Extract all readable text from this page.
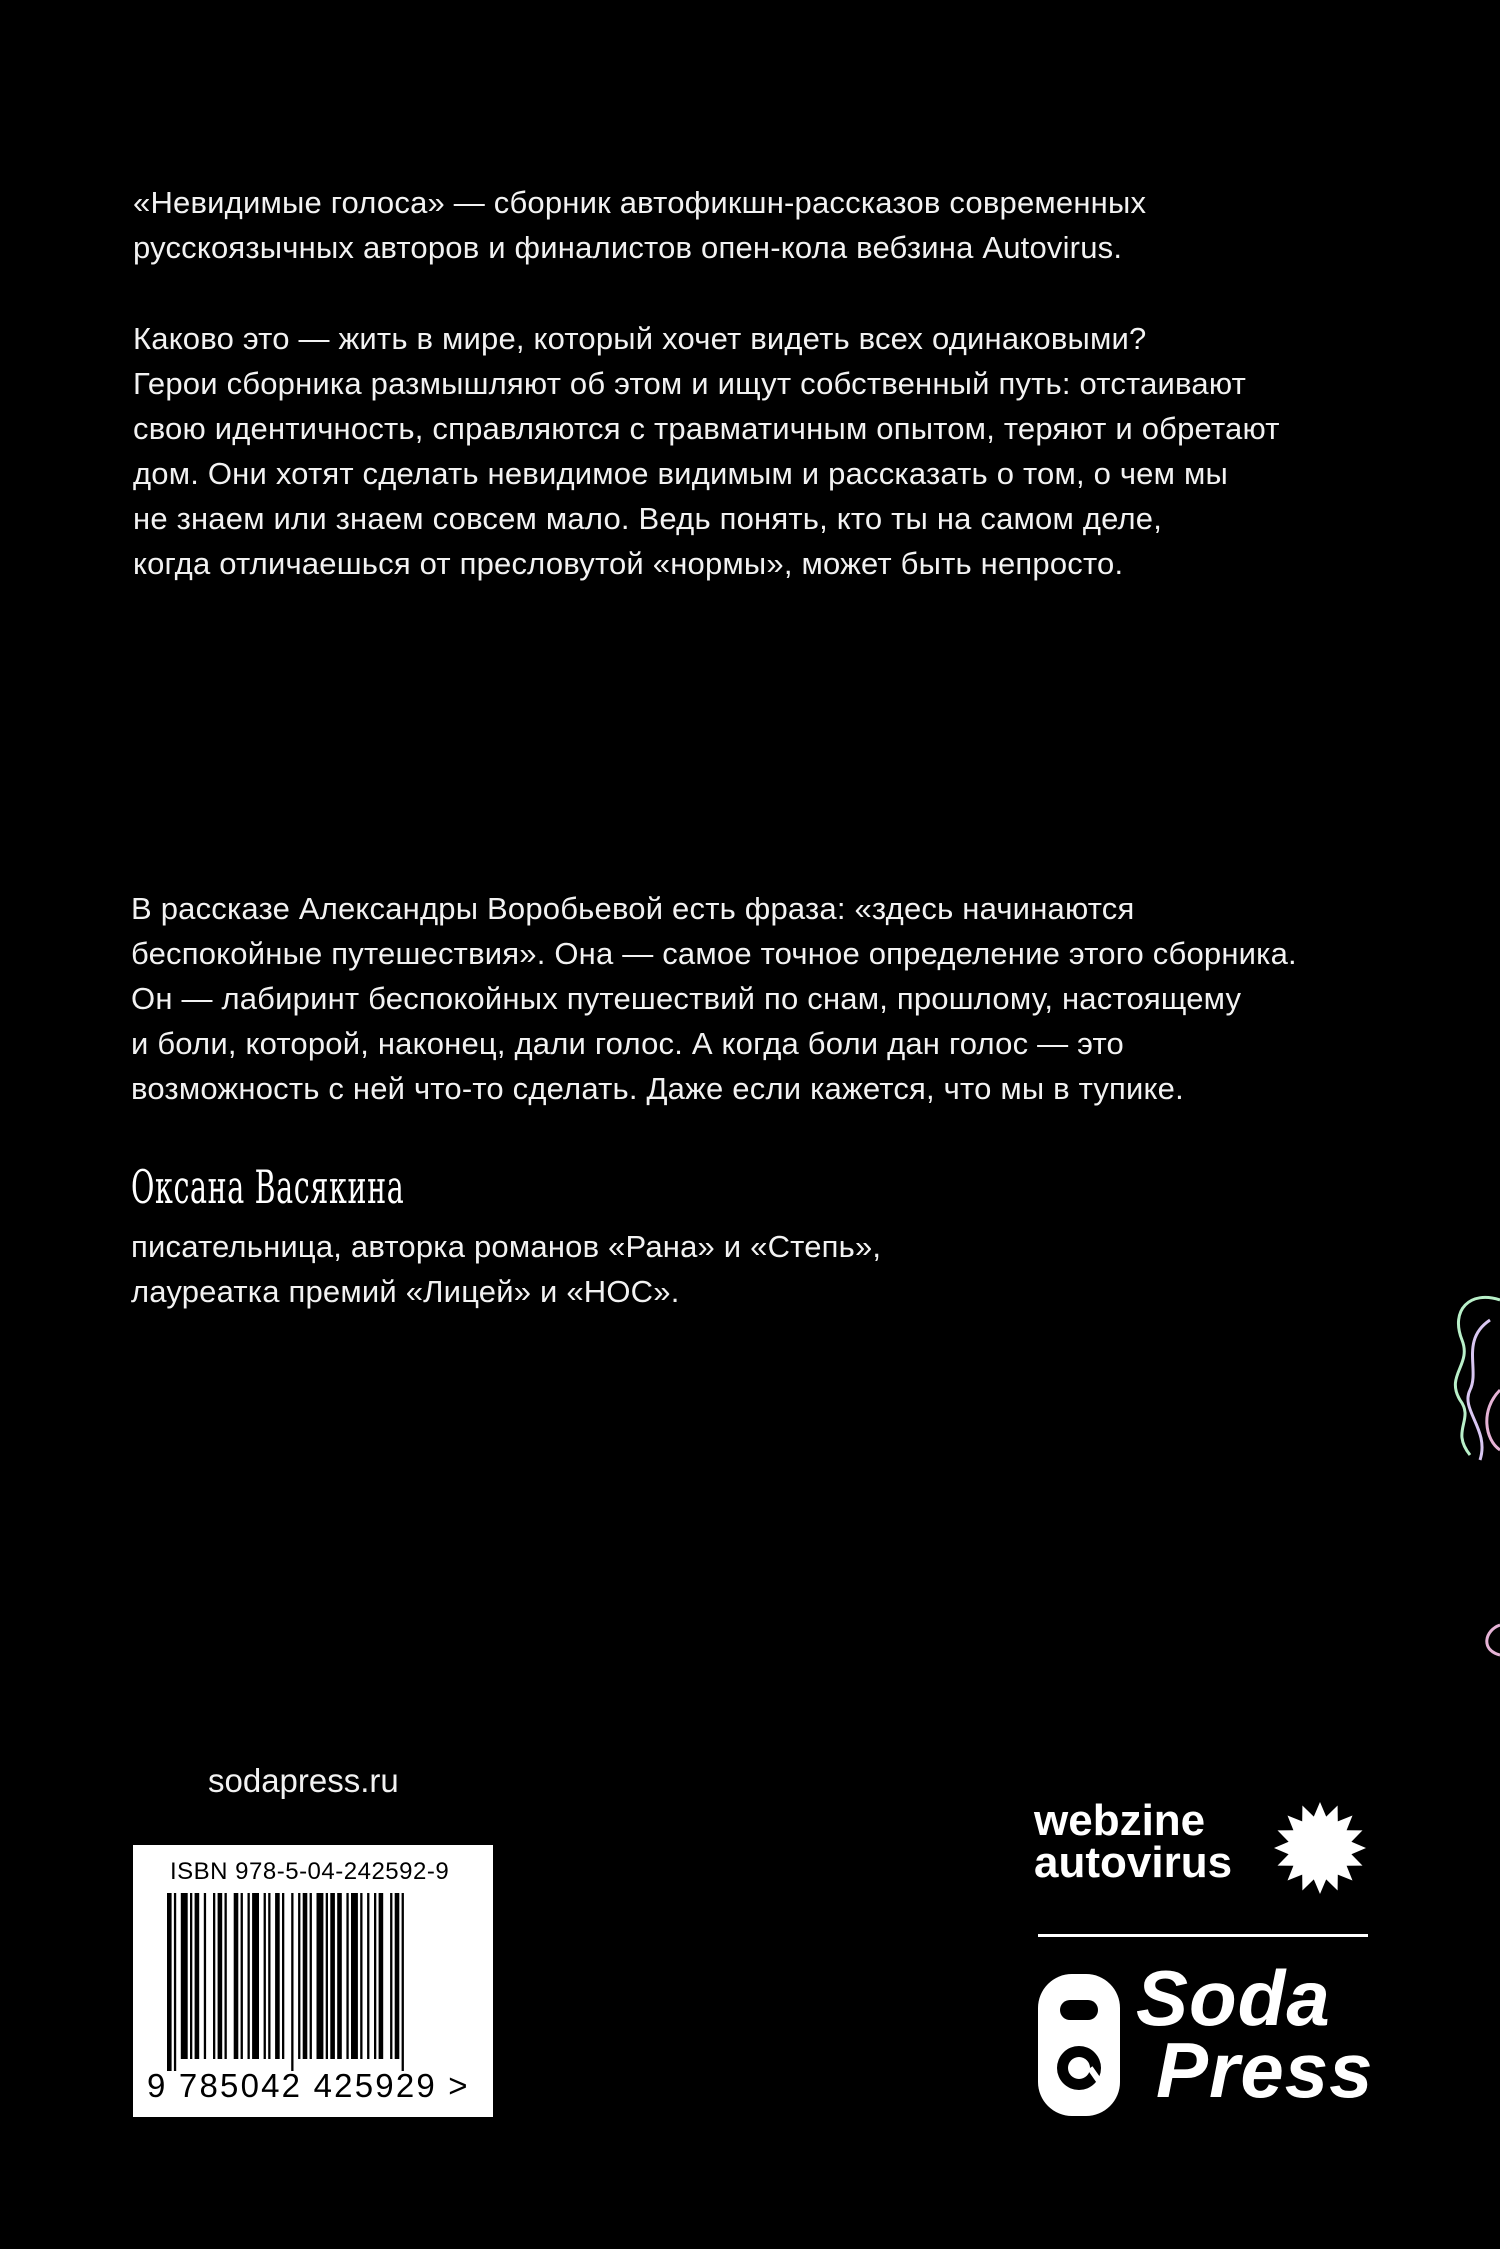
«Невидимые голоса» — сборник автофикшн-рассказов современных
русскоязычных авторов и финалистов опен-кола вебзина Autovirus.
Каково это — жить в мире, который хочет видеть всех одинаковыми?
Герои сборника размышляют об этом и ищут собственный путь: отстаивают
свою идентичность, справляются с травматичным опытом, теряют и обретают
дом. Они хотят сделать невидимое видимым и рассказать о том, о чем мы
не знаем или знаем совсем мало. Ведь понять, кто ты на самом деле,
когда отличаешься от пресловутой «нормы», может быть непросто.
В рассказе Александры Воробьевой есть фраза: «здесь начинаются
беспокойные путешествия». Она — самое точное определение этого сборника.
Он — лабиринт беспокойных путешествий по снам, прошлому, настоящему
и боли, которой, наконец, дали голос. А когда боли дан голос — это
возможность с ней что-то сделать. Даже если кажется, что мы в тупике.
Оксана Васякина
писательница, авторка романов «Рана» и «Степь»,
лауреатка премий «Лицей» и «НОС».
sodapress.ru
ISBN 978-5-04-242592-9
9 785042 425929 >
webzine
autovirus
Soda
Press
